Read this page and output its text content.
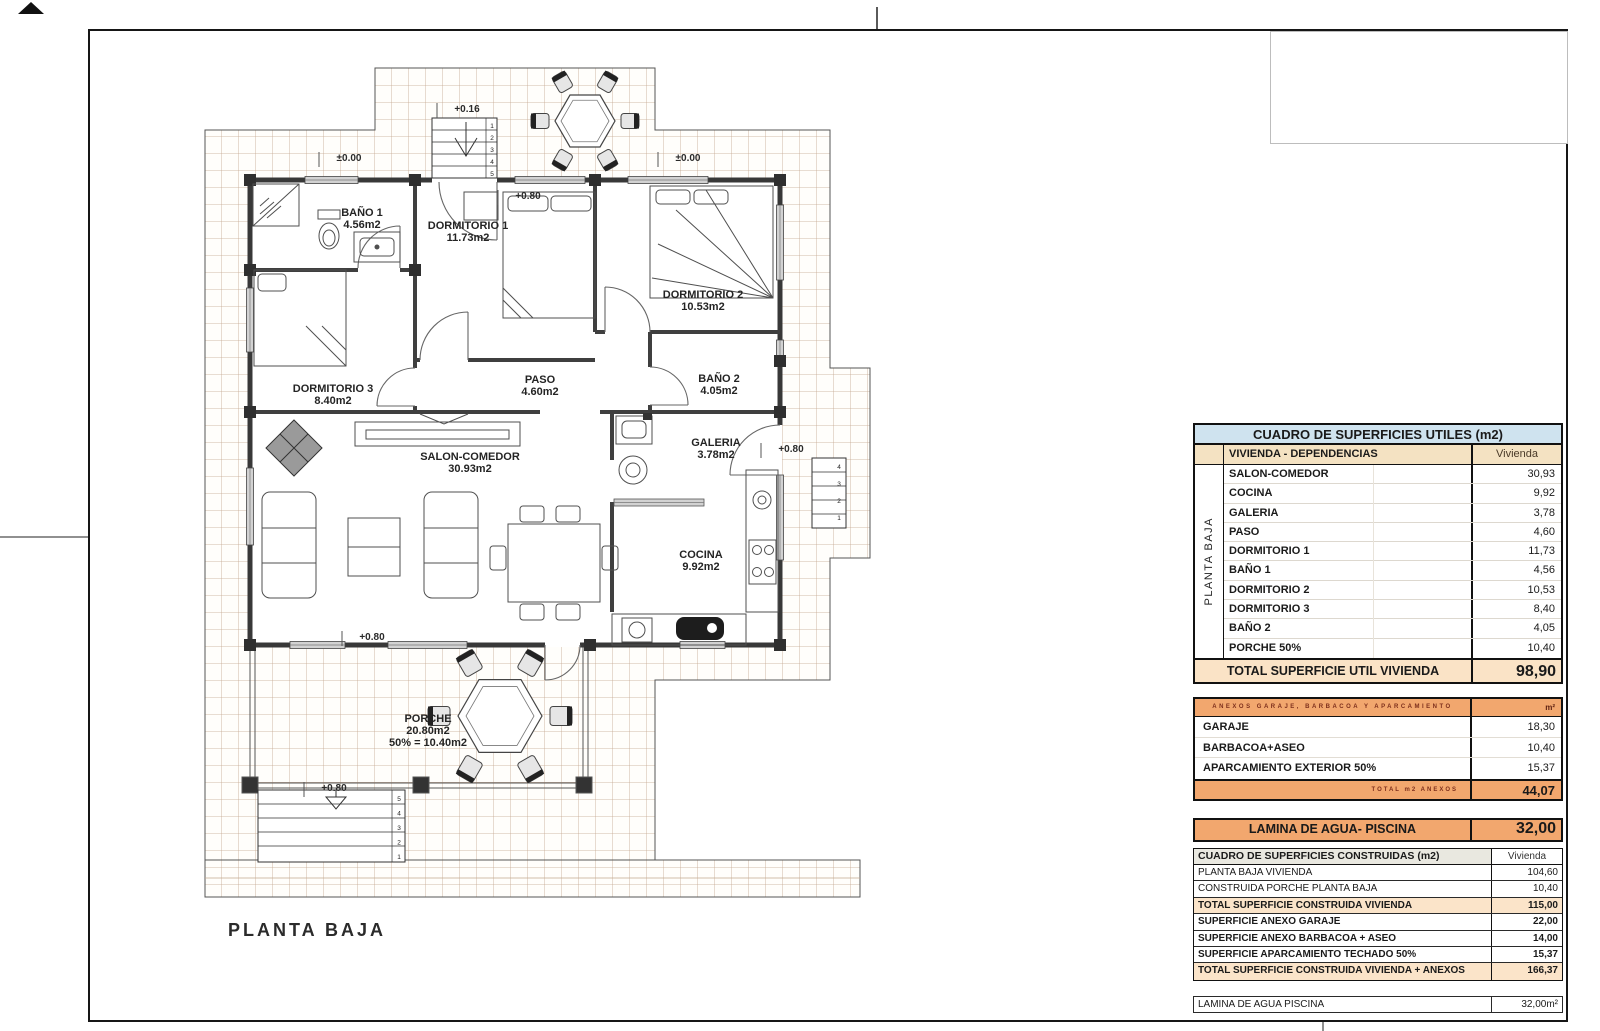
BAÑO 1 4.56m2	DORMITORIO 1 11.73m2
DORMITORIO 2 10.53m2
DORMITORIO 3 8.40m2
PASO 4.60m2
BAÑO 2 4.05m2
SALON-COMEDOR 30.93m2
GALERIA 3.78m2
COCINA 9.92m2
PORCHE 20.80m2 50% = 10.40m2
±0.00	±0.00
+0.16
+0.80
+0.80
+0.80
+0.80
1
2
3
4
5
4
3
2
1
5
4
3
2
1
PLANTA BAJA
CUADRO DE SUPERFICIES UTILES (m2)
VIVIENDA - DEPENDENCIAS	Vivienda
PLANTA BAJA
SALON-COMEDOR	30,93
COCINA	9,92
GALERIA	3,78
PASO	4,60
DORMITORIO 1	11,73
BAÑO 1	4,56
DORMITORIO 2	10,53
DORMITORIO 3	8,40
BAÑO 2	4,05
PORCHE 50%	10,40
TOTAL SUPERFICIE UTIL VIVIENDA	98,90
ANEXOS GARAJE, BARBACOA Y APARCAMIENTO	m²
GARAJE	18,30
BARBACOA+ASEO	10,40
APARCAMIENTO EXTERIOR 50%	15,37
TOTAL m2 ANEXOS	44,07
LAMINA DE AGUA- PISCINA	32,00
CUADRO DE SUPERFICIES CONSTRUIDAS (m2)	Vivienda
PLANTA BAJA VIVIENDA	104,60
CONSTRUIDA PORCHE PLANTA BAJA	10,40
TOTAL SUPERFICIE CONSTRUIDA VIVIENDA	115,00
SUPERFICIE ANEXO GARAJE	22,00
SUPERFICIE ANEXO BARBACOA + ASEO	14,00
SUPERFICIE APARCAMIENTO TECHADO 50%	15,37
TOTAL SUPERFICIE CONSTRUIDA VIVIENDA + ANEXOS	166,37
LAMINA DE AGUA PISCINA	32,00m²
